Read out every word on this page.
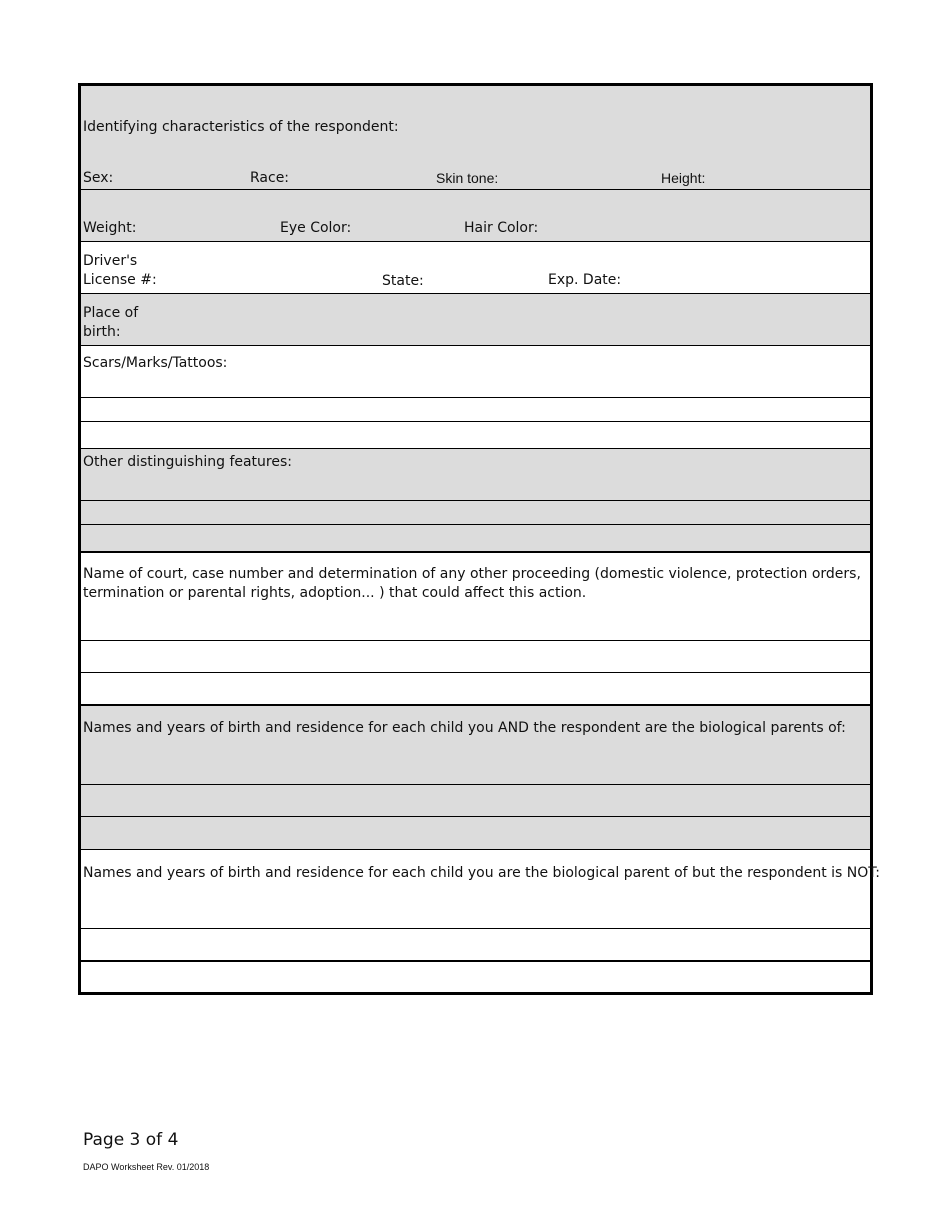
Identifying characteristics of the respondent:
Sex:	Race:	Skin tone:	Height:
Weight:	Eye Color:	Hair Color:
Driver's
License #:	State:	Exp. Date:
Place of
birth:
Scars/Marks/Tattoos:
Other distinguishing features:
Name of court, case number and determination of any other proceeding (domestic violence, protection orders, termination or parental rights, adoption... ) that could affect this action.
Names and years of birth and residence for each child you AND the respondent are the biological parents of:
Names and years of birth and residence for each child you are the biological parent of but the respondent is NOT:
Page 3 of 4
DAPO Worksheet Rev. 01/2018
